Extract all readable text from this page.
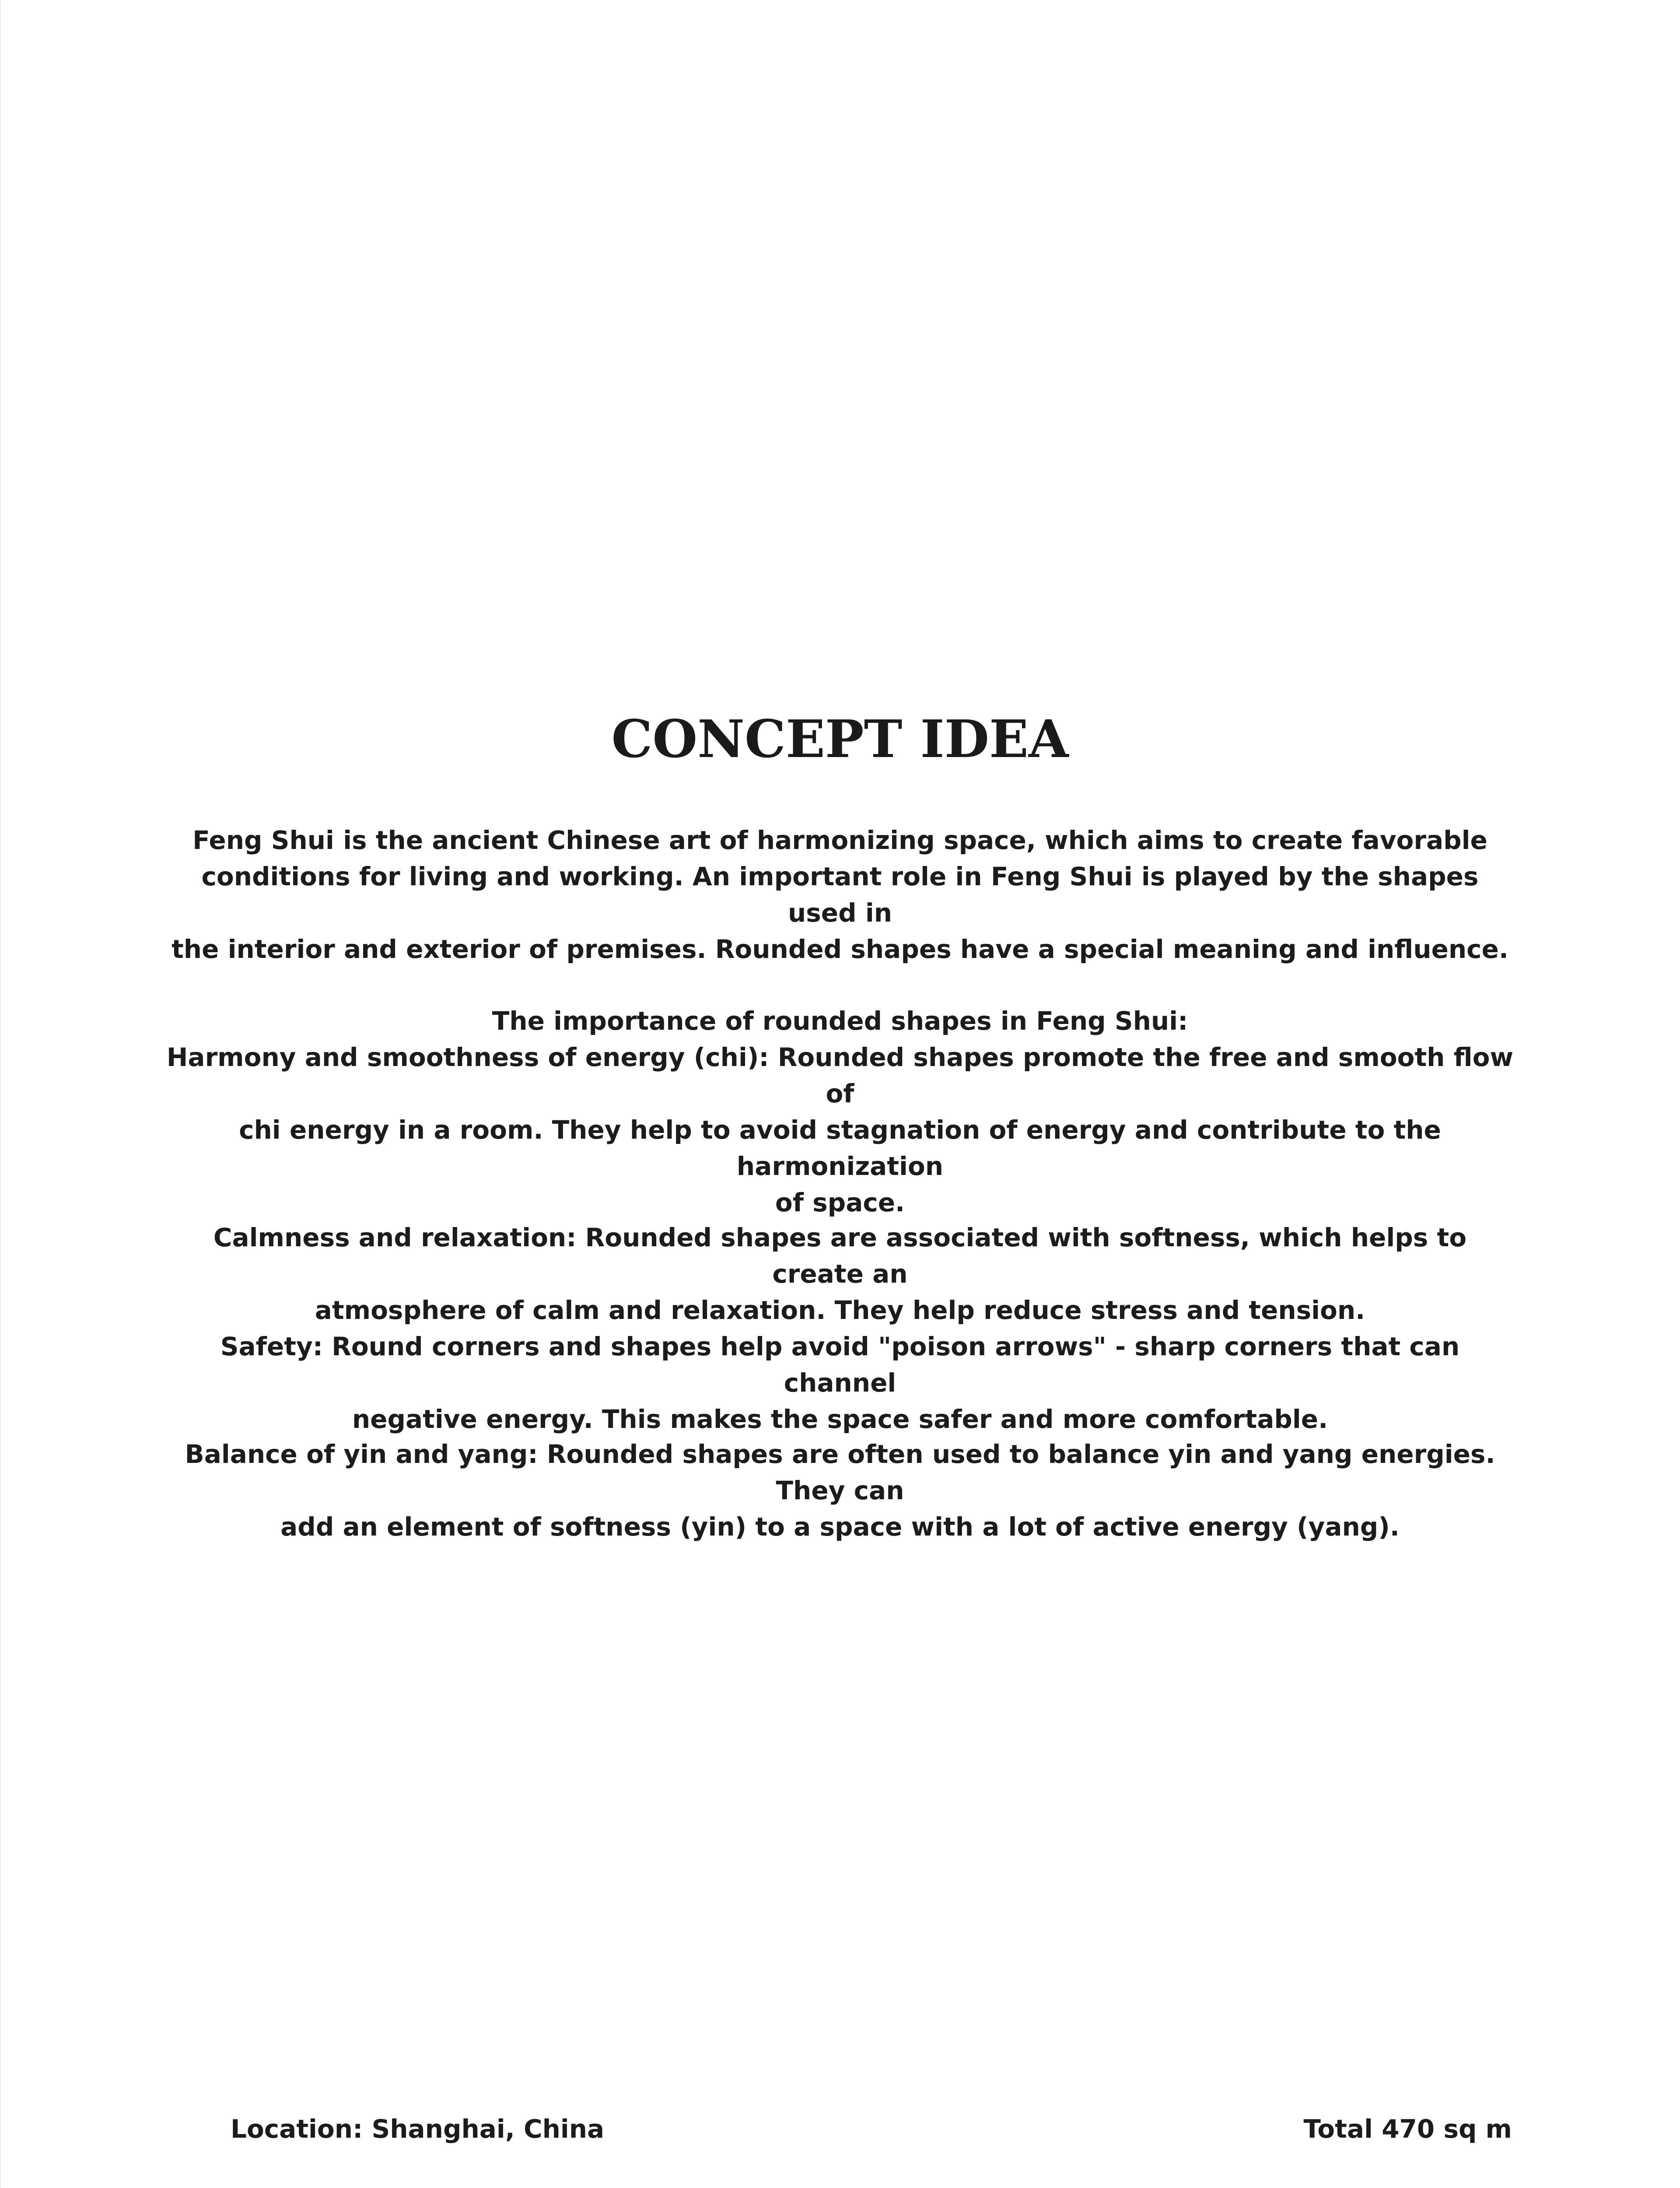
CONCEPT IDEA

Feng Shui is the ancient Chinese art of harmonizing space, which aims to create favorable
conditions for living and working. An important role in Feng Shui is played by the shapes used in
the interior and exterior of premises. Rounded shapes have a special meaning and influence.

The importance of rounded shapes in Feng Shui:
Harmony and smoothness of energy (chi): Rounded shapes promote the free and smooth flow of
chi energy in a room. They help to avoid stagnation of energy and contribute to the harmonization
of space.

Calmness and relaxation: Rounded shapes are associated with softness, which helps to create an
atmosphere of calm and relaxation. They help reduce stress and tension.
Safety: Round corners and shapes help avoid "poison arrows" - sharp corners that can channel
negative energy. This makes the space safer and more comfortable.

Balance of yin and yang: Rounded shapes are often used to balance yin and yang energies. They can
add an element of softness (yin) to a space with a lot of active energy (yang).

Location: Shanghai, China	Total 470 sq m
